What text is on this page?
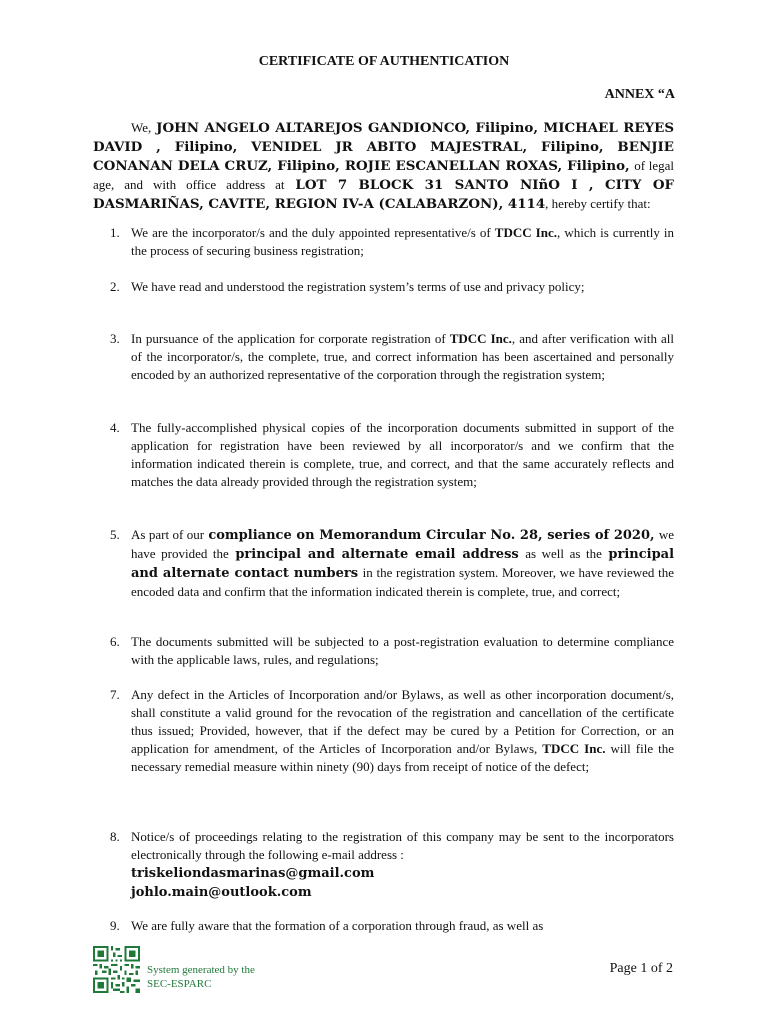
CERTIFICATE OF AUTHENTICATION
ANNEX “A
We, JOHN ANGELO ALTAREJOS GANDIONCO, Filipino, MICHAEL REYES DAVID , Filipino, VENIDEL JR ABITO MAJESTRAL, Filipino, BENJIE CONANAN DELA CRUZ, Filipino, ROJIE ESCANELLAN ROXAS, Filipino, of legal age, and with office address at LOT 7 BLOCK 31 SANTO NIñO I , CITY OF DASMARIÑAS, CAVITE, REGION IV-A (CALABARZON), 4114, hereby certify that:
1. We are the incorporator/s and the duly appointed representative/s of TDCC Inc., which is currently in the process of securing business registration;
2. We have read and understood the registration system’s terms of use and privacy policy;
3. In pursuance of the application for corporate registration of TDCC Inc., and after verification with all of the incorporator/s, the complete, true, and correct information has been ascertained and personally encoded by an authorized representative of the corporation through the registration system;
4. The fully-accomplished physical copies of the incorporation documents submitted in support of the application for registration have been reviewed by all incorporator/s and we confirm that the information indicated therein is complete, true, and correct, and that the same accurately reflects and matches the data already provided through the registration system;
5. As part of our compliance on Memorandum Circular No. 28, series of 2020, we have provided the principal and alternate email address as well as the principal and alternate contact numbers in the registration system. Moreover, we have reviewed the encoded data and confirm that the information indicated therein is complete, true, and correct;
6. The documents submitted will be subjected to a post-registration evaluation to determine compliance with the applicable laws, rules, and regulations;
7. Any defect in the Articles of Incorporation and/or Bylaws, as well as other incorporation document/s, shall constitute a valid ground for the revocation of the registration and cancellation of the certificate thus issued; Provided, however, that if the defect may be cured by a Petition for Correction, or an application for amendment, of the Articles of Incorporation and/or Bylaws, TDCC Inc. will file the necessary remedial measure within ninety (90) days from receipt of notice of the defect;
8. Notice/s of proceedings relating to the registration of this company may be sent to the incorporators electronically through the following e-mail address :
triskeliondasmarinas@gmail.com
johlo.main@outlook.com
9. We are fully aware that the formation of a corporation through fraud, as well as
System generated by the
SEC-ESPARC
Page 1 of 2
